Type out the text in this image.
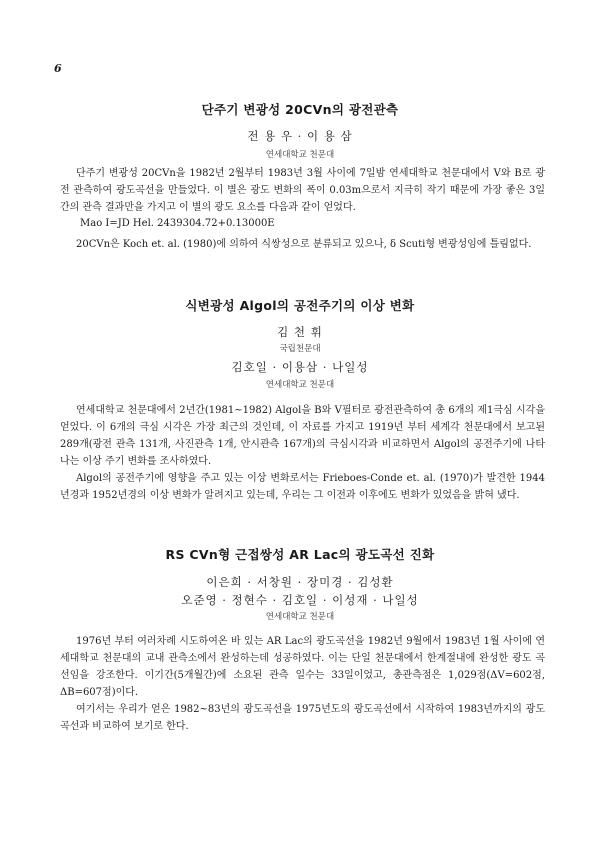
6
단주기 변광성 20CVn의 광전관측
전 용 우 · 이 용 삼
연세대학교 천문대
단주기 변광성 20CVn을 1982년 2월부터 1983년 3월 사이에 7일밤 연세대학교 천문대에서 V와 B로 광전 관측하여 광도곡선을 만들었다. 이 별은 광도 변화의 폭이 0.03m으로서 지극히 작기 때문에 가장 좋은 3일간의 관측 결과만을 가지고 이 별의 광도 요소를 다음과 같이 얻었다.
Mao I=JD Hel. 2439304.72+0.13000E
20CVn은 Koch et. al. (1980)에 의하여 식쌍성으로 분류되고 있으나, δ Scuti형 변광성임에 틀림없다.
식변광성 Algol의 공전주기의 이상 변화
김 천 휘
국립천문대
김호일 · 이용삼 · 나일성
연세대학교 천문대
연세대학교 천문대에서 2년간(1981~1982) Algol을 B와 V필터로 광전관측하여 총 6개의 제1극심 시각을 얻었다. 이 6개의 극심 시각은 가장 최근의 것인데, 이 자료를 가지고 1919년 부터 세계각 천문대에서 보고된 289개(광전 관측 131개, 사진관측 1개, 안시관측 167개)의 극심시각과 비교하면서 Algol의 공전주기에 나타나는 이상 주기 변화를 조사하였다.
Algol의 공전주기에 영향을 주고 있는 이상 변화로서는 Frieboes-Conde et. al. (1970)가 발견한 1944년경과 1952년경의 이상 변화가 알려지고 있는데, 우리는 그 이전과 이후에도 변화가 있었음을 밝혀 냈다.
RS CVn형 근접쌍성 AR Lac의 광도곡선 진화
이은희 · 서창원 · 장미경 · 김성환
오준영 · 정현수 · 김호일 · 이성재 · 나일성
연세대학교 천문대
1976년 부터 여러차례 시도하여온 바 있는 AR Lac의 광도곡선을 1982년 9월에서 1983년 1월 사이에 연세대학교 천문대의 교내 관측소에서 완성하는데 성공하였다. 이는 단일 천문대에서 한계절내에 완성한 광도 곡선임을 강조한다. 이기간(5개월간)에 소요된 관측 일수는 33일이었고, 총관측점은 1,029점(ΔV=602점, ΔB=607점)이다.
여기서는 우리가 얻은 1982~83년의 광도곡선을 1975년도의 광도곡선에서 시작하여 1983년까지의 광도곡선과 비교하여 보기로 한다.
